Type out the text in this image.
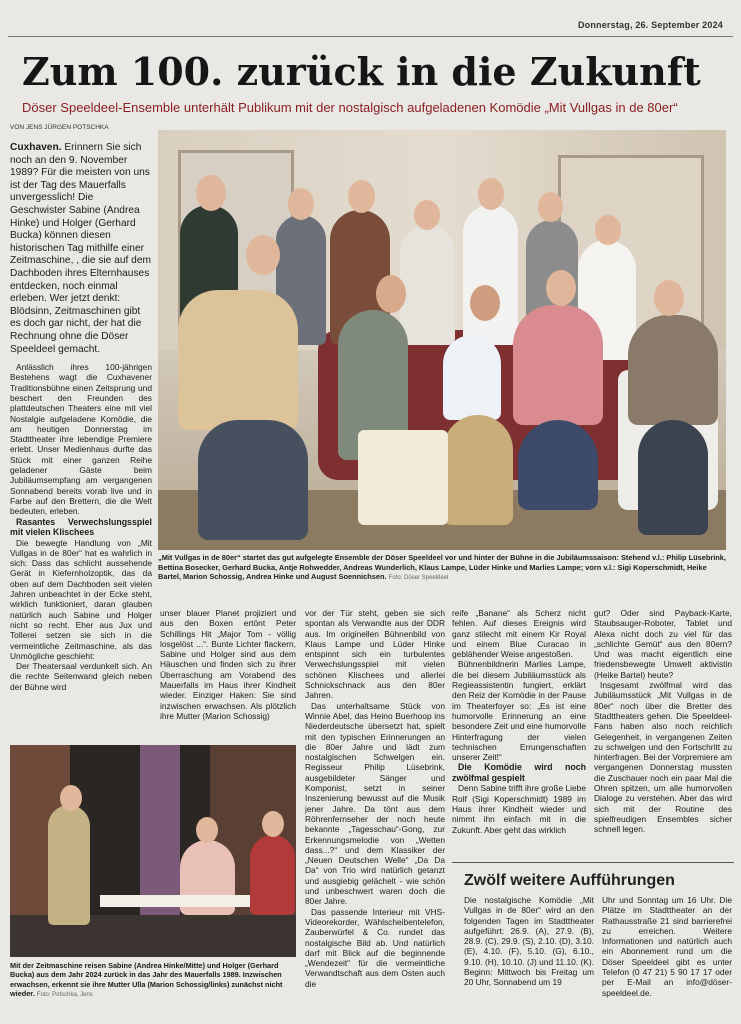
Donnerstag, 26. September 2024
Zum 100. zurück in die Zukunft
Döser Speeldeel-Ensemble unterhält Publikum mit der nostalgisch aufgeladenen Komödie „Mit Vullgas in de 80er“
VON JENS JÜRGEN POTSCHKA

Cuxhaven. Erinnern Sie sich noch an den 9. November 1989? Für die meisten von uns ist der Tag des Mauerfalls unvergesslich! Die Geschwister Sabine (Andrea Hinke) und Holger (Gerhard Bucka) können diesen historischen Tag mithilfe einer Zeitmaschine, , die sie auf dem Dachboden ihres Elternhauses entdecken, noch einmal erleben. Wer jetzt denkt: Blödsinn, Zeitmaschinen gibt es doch gar nicht, der hat die Rechnung ohne die Döser Speeldeel gemacht.

Anlässlich ihres 100-jährigen Bestehens wagt die Cuxhavener Traditionsbühne einen Zeitsprung und beschert den Freunden des plattdeutschen Theaters eine mit viel Nostalgie aufgeladene Komödie, die am heutigen Donnerstag im Stadttheater ihre lebendige Premiere erlebt. Unser Medienhaus durfte das Stück mit einer ganzen Reihe geladener Gäste beim Jubiläumsempfang am vergangenen Sonnabend bereits vorab live und in Farbe auf den Brettern, die die Welt bedeuten, erleben.

Rasantes Verwechslungsspiel mit vielen Klischees

Die bewegte Handlung von „Mit Vullgas in de 80er“ hat es wahrlich in sich: Dass das schlicht aussehende Gerät in Kiefernholzoptik, das da oben auf dem Dachboden seit vielen Jahren unbeachtet in der Ecke steht, wirklich funktioniert, daran glauben natürlich auch Sabine und Holger nicht so recht. Eher aus Jux und Tollerei setzen sie sich in die vermeintliche Zeitmaschine, als das Unmögliche geschieht:

Der Theatersaal verdunkelt sich. An die rechte Seitenwand gleich neben der Bühne wird

„Mit Vullgas in de 80er“ startet das gut aufgelegte Ensemble der Döser Speeldeel vor und hinter der Bühne in die Jubiläumssaison: Stehend v.l.: Philip Lüsebrink, Bettina Bosecker, Gerhard Bucka, Antje Rohwedder, Andreas Wunderlich, Klaus Lampe, Lüder Hinke und Marlies Lampe; vorn v.l.: Sigi Koperschmidt, Heike Bartel, Marion Schossig, Andrea Hinke und August Soennichsen. Foto: Döser Speeldeel

unser blauer Planet projiziert und aus den Boxen ertönt Peter Schillings Hit „Major Tom - völlig losgelöst ...“. Bunte Lichter flackern, Sabine und Holger sind aus dem Häuschen und finden sich zu ihrer Überraschung am Vorabend des Mauerfalls im Haus ihrer Kindheit wieder. Einziger Haken: Sie sind inzwischen erwachsen. Als plötzlich ihre Mutter (Marion Schossig)

vor der Tür steht, geben sie sich spontan als Verwandte aus der DDR aus. Im originellen Bühnenbild von Klaus Lampe und Lüder Hinke entspinnt sich ein turbulentes Verwechslungsspiel mit vielen schönen Klischees und allerlei Schnickschnack aus den 80er Jahren.

Das unterhaltsame Stück von Winnie Abel, das Heino Buerhoop ins Niederdeutsche übersetzt hat, spielt mit den typischen Erinnerungen an die 80er Jahre und lädt zum nostalgischen Schwelgen ein. Regisseur Philip Lüsebrink, ausgebildeter Sänger und Komponist, setzt in seiner Inszenierung bewusst auf die Musik jener Jahre. Da tönt aus dem Röhrenfernseher der noch heute bekannte „Tagesschau“-Gong, zur Erkennungsmelodie von „Wetten dass...?“ und dem Klassiker der „Neuen Deutschen Welle“ „Da Da Da“ von Trio wird natürlich getanzt und ausgiebig gelächelt - wie schön und unbeschwert waren doch die 80er Jahre.

Das passende Interieur mit VHS-Videorekorder, Wählscheibentelefon, Zauberwürfel & Co. rundet das nostalgische Bild ab. Und natürlich darf mit Blick auf die beginnende „Wendezeit“ für die vermeintliche Verwandtschaft aus dem Osten auch die

reife „Banane“ als Scherz nicht fehlen. Auf dieses Ereignis wird ganz stilecht mit einem Kir Royal und einem Blue Curacao in geblähender Weise angestoßen.

Bühnenbildnerin Marlies Lampe, die bei diesem Jubiläumsstück als Regieassistentin fungiert, erklärt den Reiz der Komödie in der Pause im Theaterfoyer so: „Es ist eine humorvolle Erinnerung an eine besondere Zeit und eine humorvolle Hinterfragung der vielen technischen Errungenschaften unserer Zeit!“

Die Komödie wird noch zwölfmal gespielt

Denn Sabine trifft ihre große Liebe Rolf (Sigi Koperschmidt) 1989 im Haus ihrer Kindheit wieder und nimmt ihn einfach mit in die Zukunft. Aber geht das wirklich

gut? Oder sind Payback-Karte, Staubsauger-Roboter, Tablet und Alexa nicht doch zu viel für das „schlichte Gemüt“ aus den 80ern? Und was macht eigentlich eine friedensbewegte Umwelt aktivistin (Heike Bartel) heute?

Insgesamt zwölfmal wird das Jubiläumsstück „Mit Vullgas in de 80er“ noch über die Bretter des Stadttheaters gehen. Die Speeldeel-Fans haben also noch reichlich Gelegenheit, in vergangenen Zeiten zu schwelgen und den Fortschritt zu hinterfragen. Bei der Vorpremiere am vergangenen Donnerstag mussten die Zuschauer noch ein paar Mal die Ohren spitzen, um alle humorvollen Dialoge zu verstehen. Aber das wird sich mit der Routine des spielfreudigen Ensembles sicher schnell legen.

Mit der Zeitmaschine reisen Sabine (Andrea Hinke/Mitte) und Holger (Gerhard Bucka) aus dem Jahr 2024 zurück in das Jahr des Mauerfalls 1989. Inzwischen erwachsen, erkennt sie ihre Mutter Ulla (Marion Schossig/links) zunächst nicht wieder. Foto: Potschka, Jens
Zwölf weitere Aufführungen
Die nostalgische Komödie „Mit Vullgas in de 80er“ wird an den folgenden Tagen im Stadttheater aufgeführt: 26.9. (A), 27.9. (B), 28.9. (C), 29.9. (S), 2.10. (D), 3.10. (E), 4.10. (F), 5.10. (G), 6.10., 9.10. (H), 10.10. (J) und 11.10. (K). Beginn: Mittwoch bis Freitag um 20 Uhr, Sonnabend um 19
Uhr und Sonntag um 16 Uhr. Die Plätze im Stadttheater an der Rathausstraße 21 sind barrierefrei zu erreichen. Weitere Informationen und natürlich auch ein Abonnement rund um die Döser Speeldeel gibt es unter Telefon (0 47 21) 5 90 17 17 oder per E-Mail an info@döser-speeldeel.de.
